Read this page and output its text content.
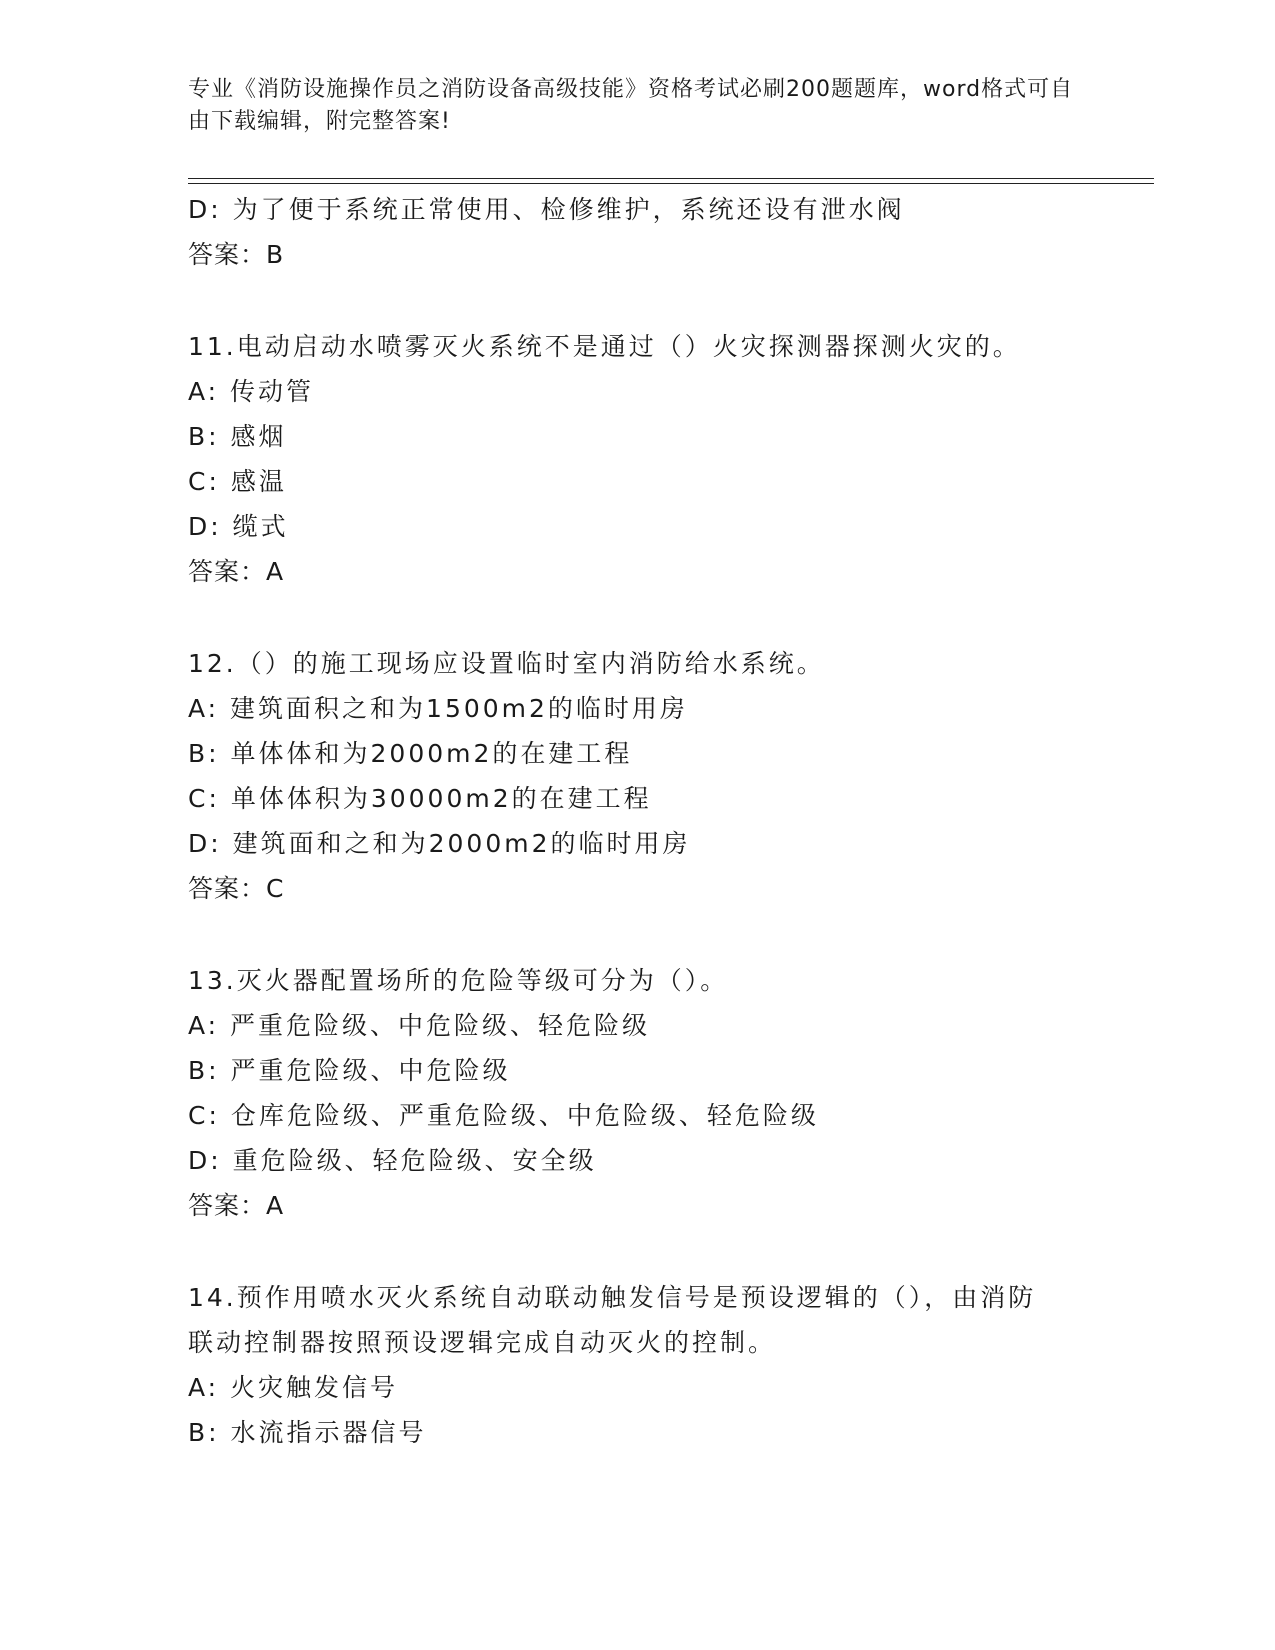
专业《消防设施操作员之消防设备高级技能》资格考试必刷200题题库，word格式可自由下载编辑，附完整答案!
D: 为了便于系统正常使用、检修维护，系统还设有泄水阀
答案：B
11.电动启动水喷雾灭火系统不是通过（）火灾探测器探测火灾的。
A: 传动管
B: 感烟
C: 感温
D: 缆式
答案：A
12.（）的施工现场应设置临时室内消防给水系统。
A: 建筑面积之和为1500m2的临时用房
B: 单体体和为2000m2的在建工程
C: 单体体积为30000m2的在建工程
D: 建筑面和之和为2000m2的临时用房
答案：C
13.灭火器配置场所的危险等级可分为（）。
A: 严重危险级、中危险级、轻危险级
B: 严重危险级、中危险级
C: 仓库危险级、严重危险级、中危险级、轻危险级
D: 重危险级、轻危险级、安全级
答案：A
14.预作用喷水灭火系统自动联动触发信号是预设逻辑的（），由消防
联动控制器按照预设逻辑完成自动灭火的控制。
A: 火灾触发信号
B: 水流指示器信号
